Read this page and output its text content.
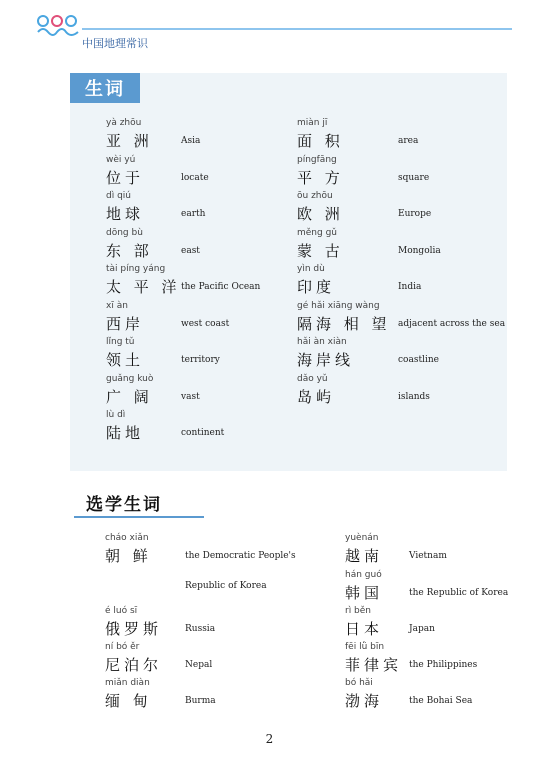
中国地理常识
生词
yà zhōu
亚 洲	Asia
wèi yú
位于	locate
dì qiú
地球	earth
dōng bù
东 部	east
tài píng yáng
太 平 洋 the Pacific Ocean
xī àn
西岸	west coast
lǐng tǔ
领土	territory
guǎng kuò
广 阔	vast
lù dì
陆地	continent
miàn jī
面 积	area
píngfāng
平 方	square
ōu zhōu
欧 洲	Europe
měng gǔ
蒙 古	Mongolia
yìn dù
印度	India
gé hǎi xiāng wàng
隔海 相 望 adjacent across the sea
hǎi àn xiàn
海岸线	coastline
dǎo yǔ
岛屿	islands
选学生词
cháo xiǎn
朝 鲜	the Democratic People's
Republic of Korea
é luó sī
俄罗斯	Russia
ní bó ěr
尼泊尔	Nepal
miǎn diàn
缅 甸	Burma
yuènán
越南	Vietnam
hán guó
韩国	the Republic of Korea
rì běn
日本	Japan
fēi lǜ bīn
菲律宾 the Philippines
bó hǎi
渤海	the Bohai Sea
2
